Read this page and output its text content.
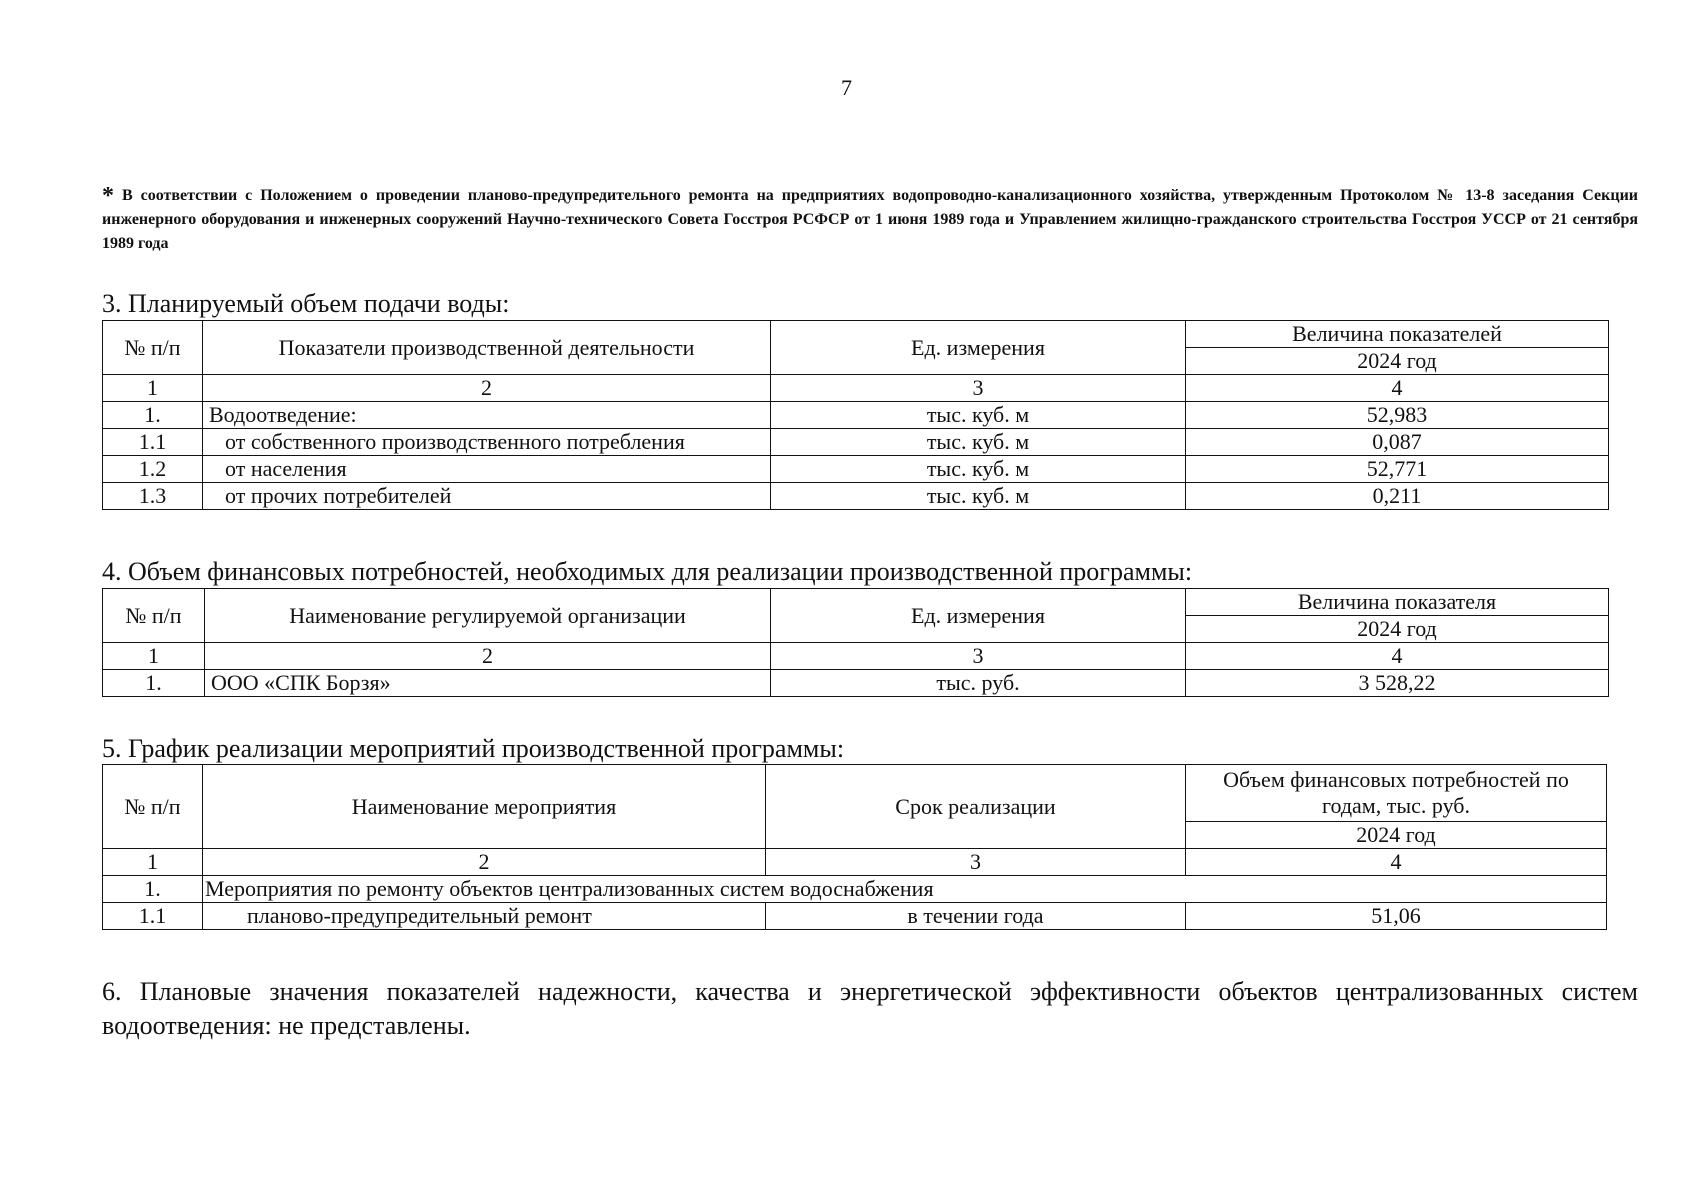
7
* В соответствии с Положением о проведении планово-предупредительного ремонта на предприятиях водопроводно-канализационного хозяйства, утвержденным Протоколом № 13-8 заседания Секции инженерного оборудования и инженерных сооружений Научно-технического Совета Госстроя РСФСР от 1 июня 1989 года и Управлением жилищно-гражданского строительства Госстроя УССР от 21 сентября 1989 года
3. Планируемый объем подачи воды:
№ п/п	Показатели производственной деятельности	Ед. измерения	Величина показателей
			2024 год
1	2	3	4
1.	Водоотведение:	тыс. куб. м	52,983
1.1	от собственного производственного потребления	тыс. куб. м	0,087
1.2	от населения	тыс. куб. м	52,771
1.3	от прочих потребителей	тыс. куб. м	0,211
4. Объем финансовых потребностей, необходимых для реализации производственной программы:
№ п/п	Наименование регулируемой организации	Ед. измерения	Величина показателя
			2024 год
1	2	3	4
1.	ООО «СПК Борзя»	тыс. руб.	3 528,22
5. График реализации мероприятий производственной программы:
№ п/п	Наименование мероприятия	Срок реализации	Объем финансовых потребностей по годам, тыс. руб.
			2024 год
1	2	3	4
1.	Мероприятия по ремонту объектов централизованных систем водоснабжения		
1.1	планово-предупредительный ремонт	в течении года	51,06
6. Плановые значения показателей надежности, качества и энергетической эффективности объектов централизованных систем водоотведения: не представлены.
